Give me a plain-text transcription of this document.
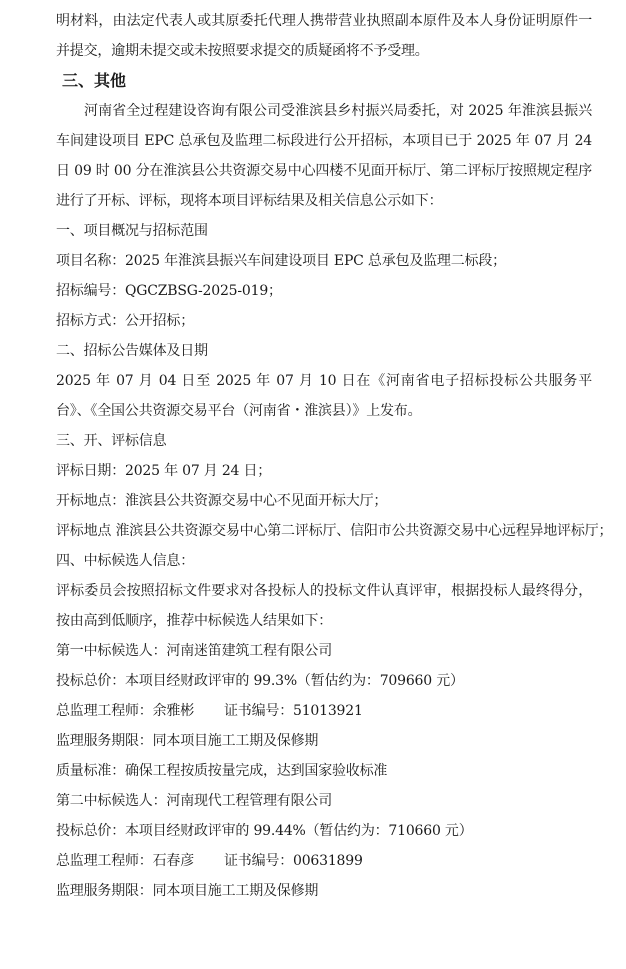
明材料，由法定代表人或其原委托代理人携带营业执照副本原件及本人身份证明原件一并提交，逾期未提交或未按照要求提交的质疑函将不予受理。

三、其他

河南省全过程建设咨询有限公司受淮滨县乡村振兴局委托，对 2025 年淮滨县振兴车间建设项目 EPC 总承包及监理二标段进行公开招标，本项目已于 2025 年 07 月 24 日 09 时 00 分在淮滨县公共资源交易中心四楼不见面开标厅、第二评标厅按照规定程序进行了开标、评标，现将本项目评标结果及相关信息公示如下：

一、项目概况与招标范围

项目名称：2025 年淮滨县振兴车间建设项目 EPC 总承包及监理二标段；

招标编号：QGCZBSG-2025-019；

招标方式：公开招标；

二、招标公告媒体及日期

2025 年 07 月 04 日至 2025 年 07 月 10 日在《河南省电子招标投标公共服务平台》、《全国公共资源交易平台（河南省・淮滨县）》上发布。

三、开、评标信息

评标日期：2025 年 07 月 24 日；

开标地点：淮滨县公共资源交易中心不见面开标大厅；

评标地点 淮滨县公共资源交易中心第二评标厅、信阳市公共资源交易中心远程异地评标厅；

四、中标候选人信息：

评标委员会按照招标文件要求对各投标人的投标文件认真评审，根据投标人最终得分，按由高到低顺序，推荐中标候选人结果如下：

第一中标候选人：河南迷笛建筑工程有限公司

投标总价：本项目经财政评审的 99.3%（暂估约为：709660 元）

总监理工程师：余雅彬 证书编号：51013921

监理服务期限：同本项目施工工期及保修期

质量标准：确保工程按质按量完成，达到国家验收标准

第二中标候选人：河南现代工程管理有限公司

投标总价：本项目经财政评审的 99.44%（暂估约为：710660 元）

总监理工程师：石春彦 证书编号：00631899

监理服务期限：同本项目施工工期及保修期
